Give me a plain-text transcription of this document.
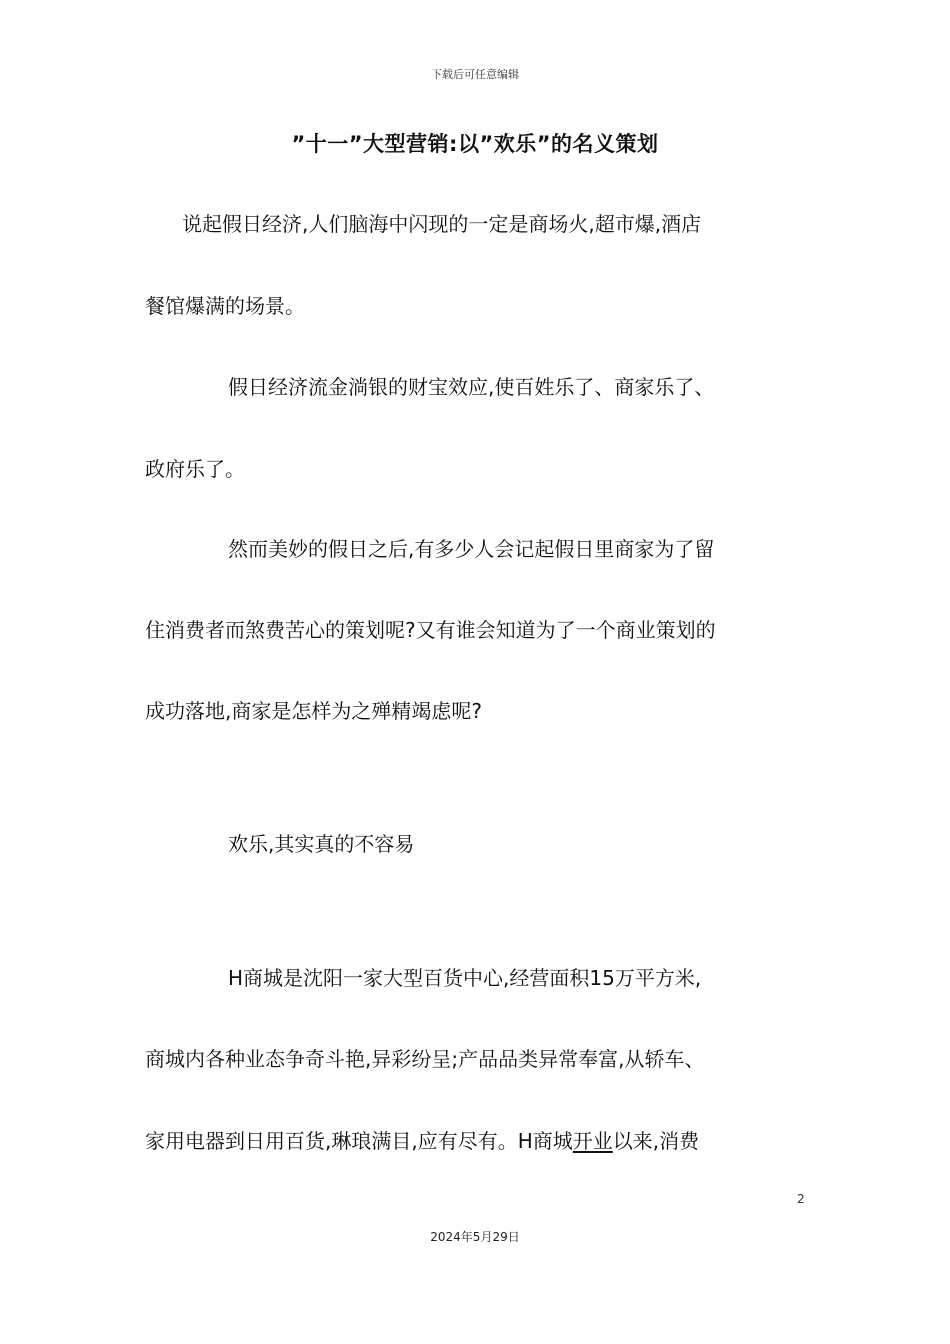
下载后可任意编辑
”十一”大型营销:以”欢乐”的名义策划
说起假日经济,人们脑海中闪现的一定是商场火,超市爆,酒店
餐馆爆满的场景。
假日经济流金淌银的财宝效应,使百姓乐了、商家乐了、
政府乐了。
然而美妙的假日之后,有多少人会记起假日里商家为了留
住消费者而煞费苦心的策划呢?又有谁会知道为了一个商业策划的
成功落地,商家是怎样为之殚精竭虑呢?
欢乐,其实真的不容易
H商城是沈阳一家大型百货中心,经营面积15万平方米,
商城内各种业态争奇斗艳,异彩纷呈;产品品类异常奉富,从轿车、
家用电器到日用百货,琳琅满目,应有尽有。H商城开业以来,消费
2
2024年5月29日
